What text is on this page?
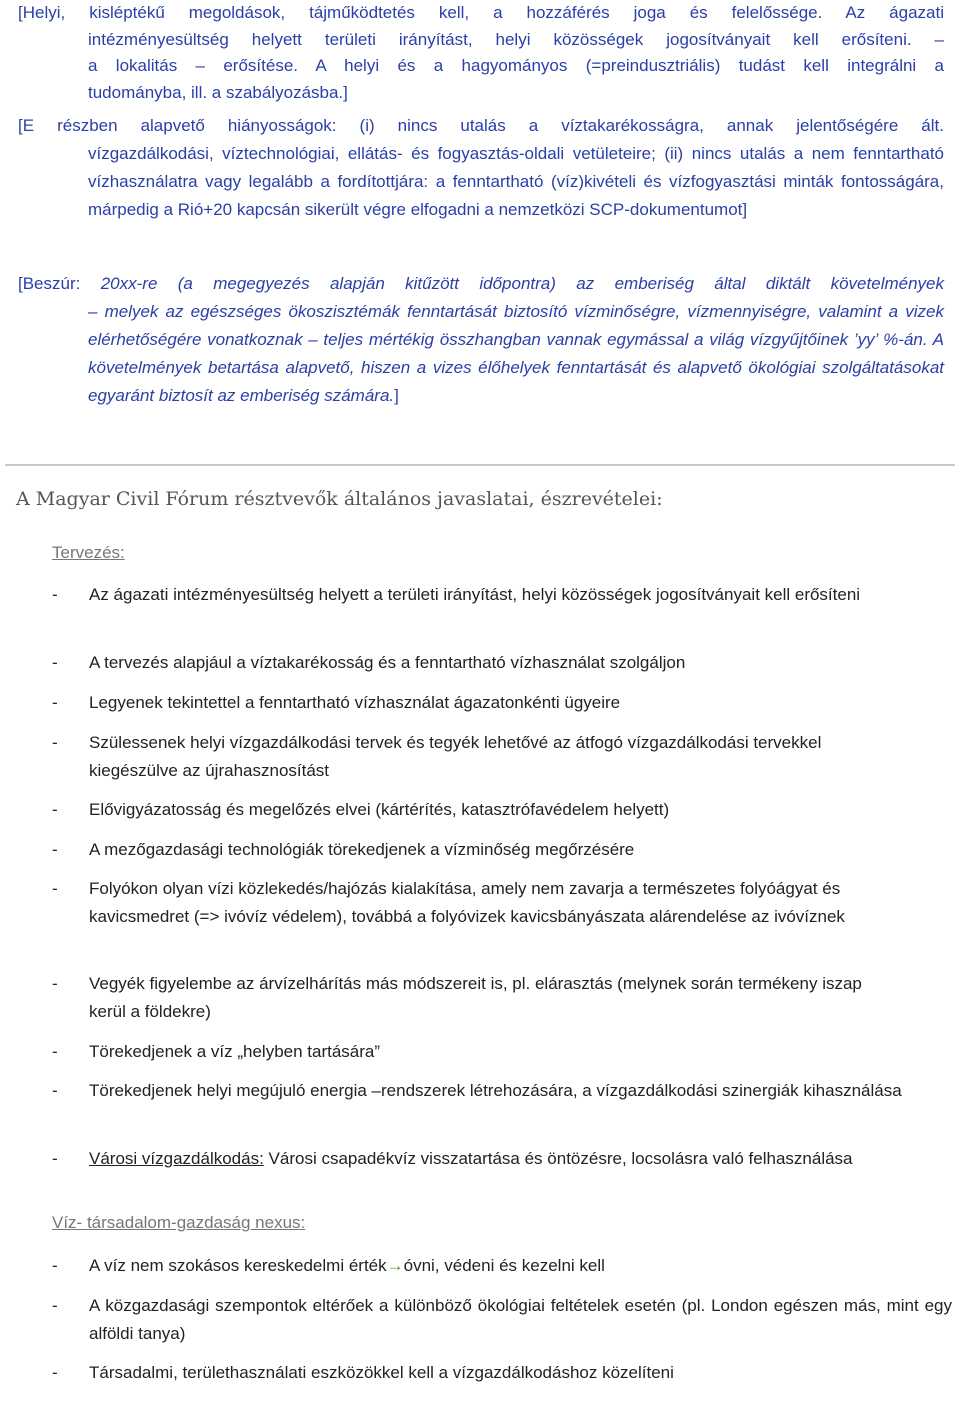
[Helyi, kisléptékű megoldások, tájműködtetés kell, a hozzáférés joga és felelőssége. Az ágazati
intézményesültség helyett területi irányítást, helyi közösségek jogosítványait kell erősíteni. –
a lokalitás – erősítése. A helyi és a hagyományos (=preindusztriális) tudást kell integrálni a
tudományba, ill. a szabályozásba.]
[E részben alapvető hiányosságok: (i) nincs utalás a víztakarékosságra, annak jelentőségére ált.
vízgazdálkodási, víztechnológiai, ellátás- és fogyasztás-oldali vetületeire; (ii) nincs utalás a nem fenntartható vízhasználatra vagy legalább a fordítottjára: a fenntartható (víz)kivételi és vízfogyasztási minták fontosságára, márpedig a Rió+20 kapcsán sikerült végre elfogadni a nemzetközi SCP-dokumentumot]
[Beszúr: 20xx-re (a megegyezés alapján kitűzött időpontra) az emberiség által diktált követelmények
– melyek az egészséges ökoszisztémák fenntartását biztosító vízminőségre, vízmennyiségre, valamint a vizek elérhetőségére vonatkoznak – teljes mértékig összhangban vannak egymással a világ vízgyűjtőinek ’yy’ %-án. A követelmények betartása alapvető, hiszen a vizes élőhelyek fenntartását és alapvető ökológiai szolgáltatásokat egyaránt biztosít az emberiség számára.]
A Magyar Civil Fórum résztvevők általános javaslatai, észrevételei:
Tervezés:
- Az ágazati intézményesültség helyett a területi irányítást, helyi közösségek jogosítványait kell erősíteni
- A tervezés alapjául a víztakarékosság és a fenntartható vízhasználat szolgáljon
- Legyenek tekintettel a fenntartható vízhasználat ágazatonkénti ügyeire
- Szülessenek helyi vízgazdálkodási tervek és tegyék lehetővé az átfogó vízgazdálkodási tervekkel kiegészülve az újrahasznosítást
- Elővigyázatosság és megelőzés elvei (kártérítés, katasztrófavédelem helyett)
- A mezőgazdasági technológiák törekedjenek a vízminőség megőrzésére
- Folyókon olyan vízi közlekedés/hajózás kialakítása, amely nem zavarja a természetes folyóágyat és kavicsmedret (=> ivóvíz védelem), továbbá a folyóvizek kavicsbányászata alárendelése az ivóvíznek
- Vegyék figyelembe az árvízelhárítás más módszereit is, pl. elárasztás (melynek során termékeny iszap kerül a földekre)
- Törekedjenek a víz „helyben tartására”
- Törekedjenek helyi megújuló energia –rendszerek létrehozására, a vízgazdálkodási szinergiák kihasználása
- Városi vízgazdálkodás: Városi csapadékvíz visszatartása és öntözésre, locsolásra való felhasználása
Víz- társadalom-gazdaság nexus:
- A víz nem szokásos kereskedelmi érték→óvni, védeni és kezelni kell
- A közgazdasági szempontok eltérőek a különböző ökológiai feltételek esetén (pl. London egészen más, mint egy alföldi tanya)
- Társadalmi, területhasználati eszközökkel kell a vízgazdálkodáshoz közelíteni
